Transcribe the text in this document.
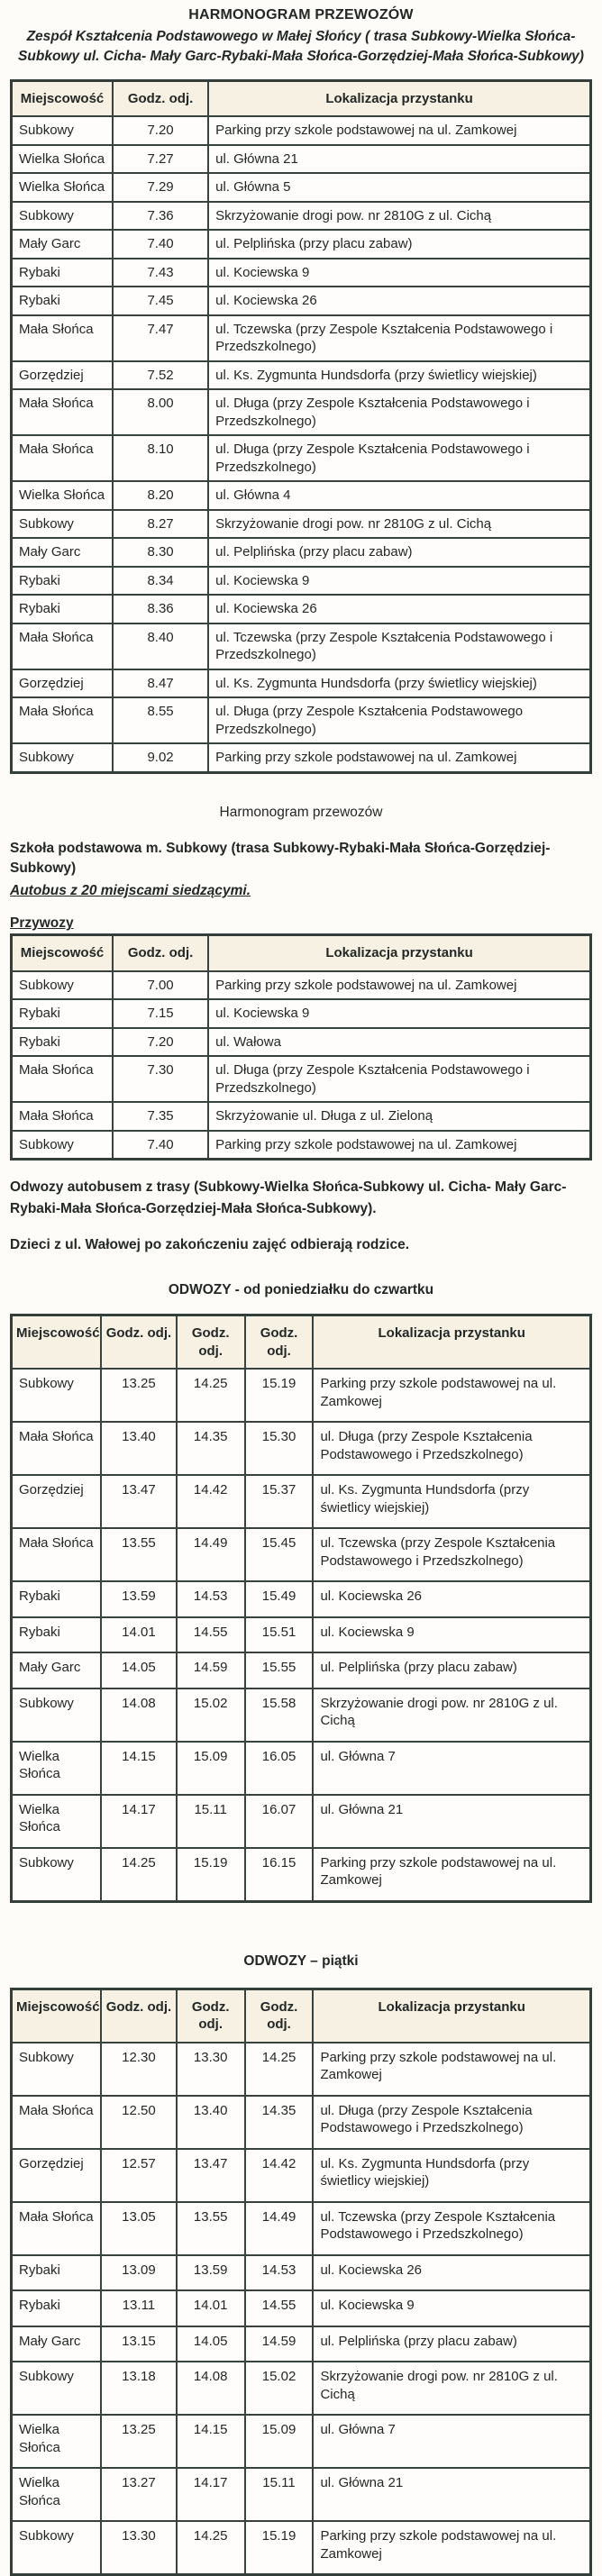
HARMONOGRAM PRZEWOZÓW

Zespół Kształcenia Podstawowego w Małej Słońcy ( trasa Subkowy-Wielka Słońca-Subkowy ul. Cicha- Mały Garc-Rybaki-Mała Słońca-Gorzędziej-Mała Słońca-Subkowy)

Miejscowość	Godz. odj.	Lokalizacja przystanku
Subkowy	7.20	Parking przy szkole podstawowej na ul. Zamkowej
Wielka Słońca	7.27	ul. Główna 21
Wielka Słońca	7.29	ul. Główna 5
Subkowy	7.36	Skrzyżowanie drogi pow. nr 2810G z ul. Cichą
Mały Garc	7.40	ul. Pelplińska (przy placu zabaw)
Rybaki	7.43	ul. Kociewska 9
Rybaki	7.45	ul. Kociewska 26
Mała Słońca	7.47	ul. Tczewska (przy Zespole Kształcenia Podstawowego i Przedszkolnego)
Gorzędziej	7.52	ul. Ks. Zygmunta Hundsdorfa (przy świetlicy wiejskiej)
Mała Słońca	8.00	ul. Długa (przy Zespole Kształcenia Podstawowego i Przedszkolnego)
Mała Słońca	8.10	ul. Długa (przy Zespole Kształcenia Podstawowego i Przedszkolnego)
Wielka Słońca	8.20	ul. Główna 4
Subkowy	8.27	Skrzyżowanie drogi pow. nr 2810G z ul. Cichą
Mały Garc	8.30	ul. Pelplińska (przy placu zabaw)
Rybaki	8.34	ul. Kociewska 9
Rybaki	8.36	ul. Kociewska 26
Mała Słońca	8.40	ul. Tczewska (przy Zespole Kształcenia Podstawowego i Przedszkolnego)
Gorzędziej	8.47	ul. Ks. Zygmunta Hundsdorfa (przy świetlicy wiejskiej)
Mała Słońca	8.55	ul. Długa (przy Zespole Kształcenia Podstawowego Przedszkolnego)
Subkowy	9.02	Parking przy szkole podstawowej na ul. Zamkowej
Harmonogram przewozów

Szkoła podstawowa m. Subkowy (trasa Subkowy-Rybaki-Mała Słońca-Gorzędziej-Subkowy)

Autobus z 20 miejscami siedzącymi.

Przywozy

Miejscowość	Godz. odj.	Lokalizacja przystanku
Subkowy	7.00	Parking przy szkole podstawowej na ul. Zamkowej
Rybaki	7.15	ul. Kociewska 9
Rybaki	7.20	ul. Wałowa
Mała Słońca	7.30	ul. Długa (przy Zespole Kształcenia Podstawowego i Przedszkolnego)
Mała Słońca	7.35	Skrzyżowanie ul. Długa z ul. Zieloną
Subkowy	7.40	Parking przy szkole podstawowej na ul. Zamkowej

Odwozy autobusem z trasy (Subkowy-Wielka Słońca-Subkowy ul. Cicha- Mały Garc-Rybaki-Mała Słońca-Gorzędziej-Mała Słońca-Subkowy).

Dzieci z ul. Wałowej po zakończeniu zajęć odbierają rodzice.

ODWOZY - od poniedziałku do czwartku
Miejscowość	Godz. odj.	Godz. odj.	Godz. odj.	Lokalizacja przystanku
Subkowy	13.25	14.25	15.19	Parking przy szkole podstawowej na ul. Zamkowej
Mała Słońca	13.40	14.35	15.30	ul. Długa (przy Zespole Kształcenia Podstawowego i Przedszkolnego)
Gorzędziej	13.47	14.42	15.37	ul. Ks. Zygmunta Hundsdorfa (przy świetlicy wiejskiej)
Mała Słońca	13.55	14.49	15.45	ul. Tczewska (przy Zespole Kształcenia Podstawowego i Przedszkolnego)
Rybaki	13.59	14.53	15.49	ul. Kociewska 26
Rybaki	14.01	14.55	15.51	ul. Kociewska 9
Mały Garc	14.05	14.59	15.55	ul. Pelplińska (przy placu zabaw)
Subkowy	14.08	15.02	15.58	Skrzyżowanie drogi pow. nr 2810G z ul. Cichą
Wielka Słońca	14.15	15.09	16.05	ul. Główna 7
Wielka Słońca	14.17	15.11	16.07	ul. Główna 21
Subkowy	14.25	15.19	16.15	Parking przy szkole podstawowej na ul. Zamkowej
ODWOZY – piątki
Miejscowość	Godz. odj.	Godz. odj.	Godz. odj.	Lokalizacja przystanku
Subkowy	12.30	13.30	14.25	Parking przy szkole podstawowej na ul. Zamkowej
Mała Słońca	12.50	13.40	14.35	ul. Długa (przy Zespole Kształcenia Podstawowego i Przedszkolnego)
Gorzędziej	12.57	13.47	14.42	ul. Ks. Zygmunta Hundsdorfa (przy świetlicy wiejskiej)
Mała Słońca	13.05	13.55	14.49	ul. Tczewska (przy Zespole Kształcenia Podstawowego i Przedszkolnego)
Rybaki	13.09	13.59	14.53	ul. Kociewska 26
Rybaki	13.11	14.01	14.55	ul. Kociewska 9
Mały Garc	13.15	14.05	14.59	ul. Pelplińska (przy placu zabaw)
Subkowy	13.18	14.08	15.02	Skrzyżowanie drogi pow. nr 2810G z ul. Cichą
Wielka Słońca	13.25	14.15	15.09	ul. Główna 7
Wielka Słońca	13.27	14.17	15.11	ul. Główna 21
Subkowy	13.30	14.25	15.19	Parking przy szkole podstawowej na ul. Zamkowej
